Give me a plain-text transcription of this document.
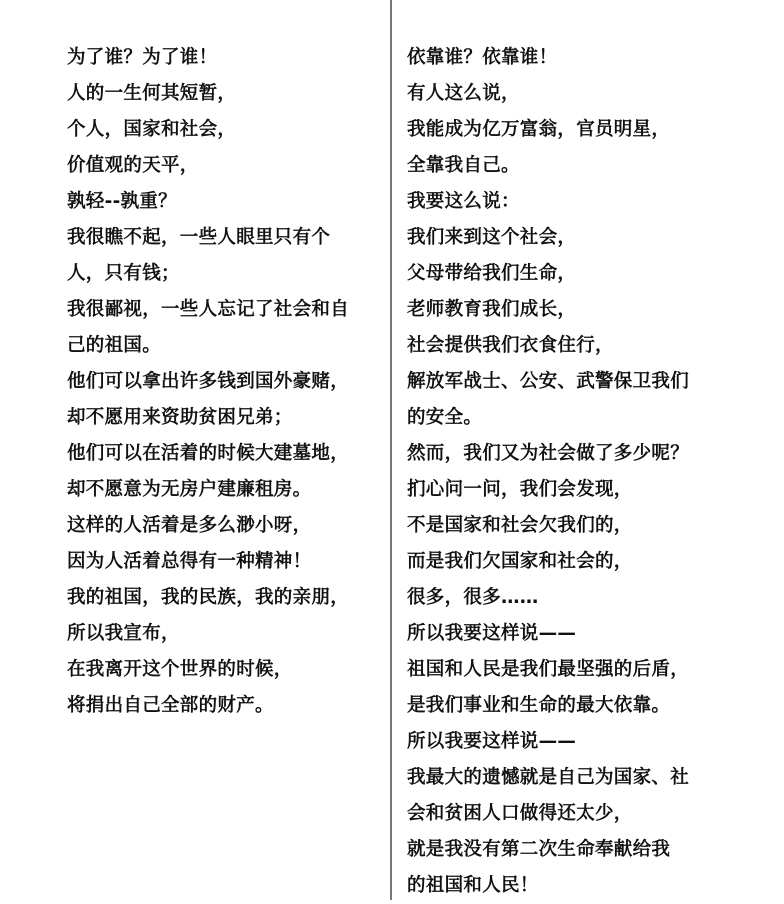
为了谁？为了谁！
人的一生何其短暂，
个人，国家和社会，
价值观的天平，
孰轻--孰重？
我很瞧不起，一些人眼里只有个
人，只有钱；
我很鄙视，一些人忘记了社会和自
己的祖国。
他们可以拿出许多钱到国外豪赌，
却不愿用来资助贫困兄弟；
他们可以在活着的时候大建墓地，
却不愿意为无房户建廉租房。
这样的人活着是多么渺小呀，
因为人活着总得有一种精神！
我的祖国，我的民族，我的亲朋，
所以我宣布，
在我离开这个世界的时候，
将捐出自己全部的财产。
依靠谁？依靠谁！
有人这么说，
我能成为亿万富翁，官员明星，
全靠我自己。
我要这么说：
我们来到这个社会，
父母带给我们生命，
老师教育我们成长，
社会提供我们衣食住行，
解放军战士、公安、武警保卫我们
的安全。
然而，我们又为社会做了多少呢？
扪心问一问，我们会发现，
不是国家和社会欠我们的，
而是我们欠国家和社会的，
很多，很多……
所以我要这样说——
祖国和人民是我们最坚强的后盾，
是我们事业和生命的最大依靠。
所以我要这样说——
我最大的遗憾就是自己为国家、社
会和贫困人口做得还太少，
就是我没有第二次生命奉献给我
的祖国和人民！
